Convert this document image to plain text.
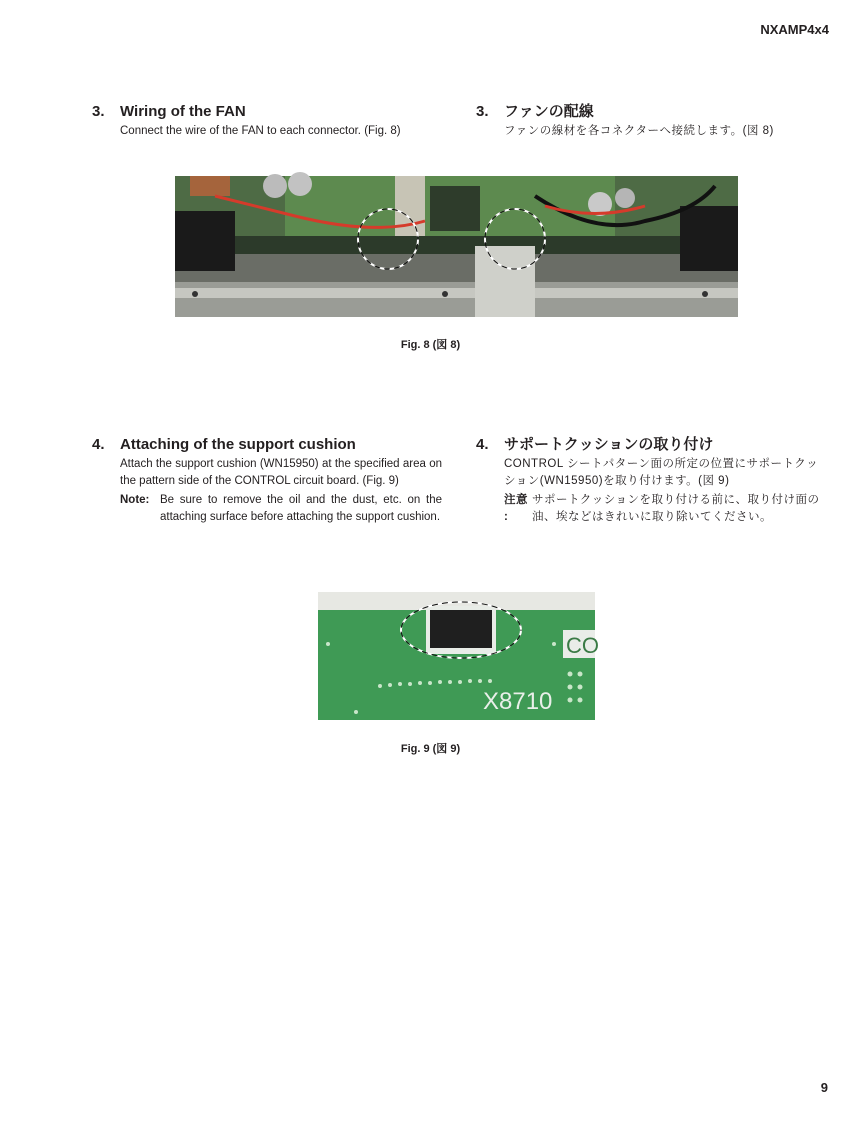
NXAMP4x4
3.	Wiring of the FAN
Connect the wire of the FAN to each connector. (Fig. 8)
3.	ファンの配線
ファンの線材を各コネクターへ接続します。(図 8)
Fig. 8 (図 8)
4.	Attaching of the support cushion
Attach the support cushion (WN15950) at the specified area on the pattern side of the CONTROL circuit board. (Fig. 9)
Note: Be sure to remove the oil and the dust, etc. on the attaching surface before attaching the support cushion.
4.	サポートクッションの取り付け
CONTROL シートパターン面の所定の位置にサポートクッション(WN15950)を取り付けます。(図 9)
注意 :
サポートクッションを取り付ける前に、取り付け面の油、埃などはきれいに取り除いてください。
CO
X8710
Fig. 9 (図 9)
9
